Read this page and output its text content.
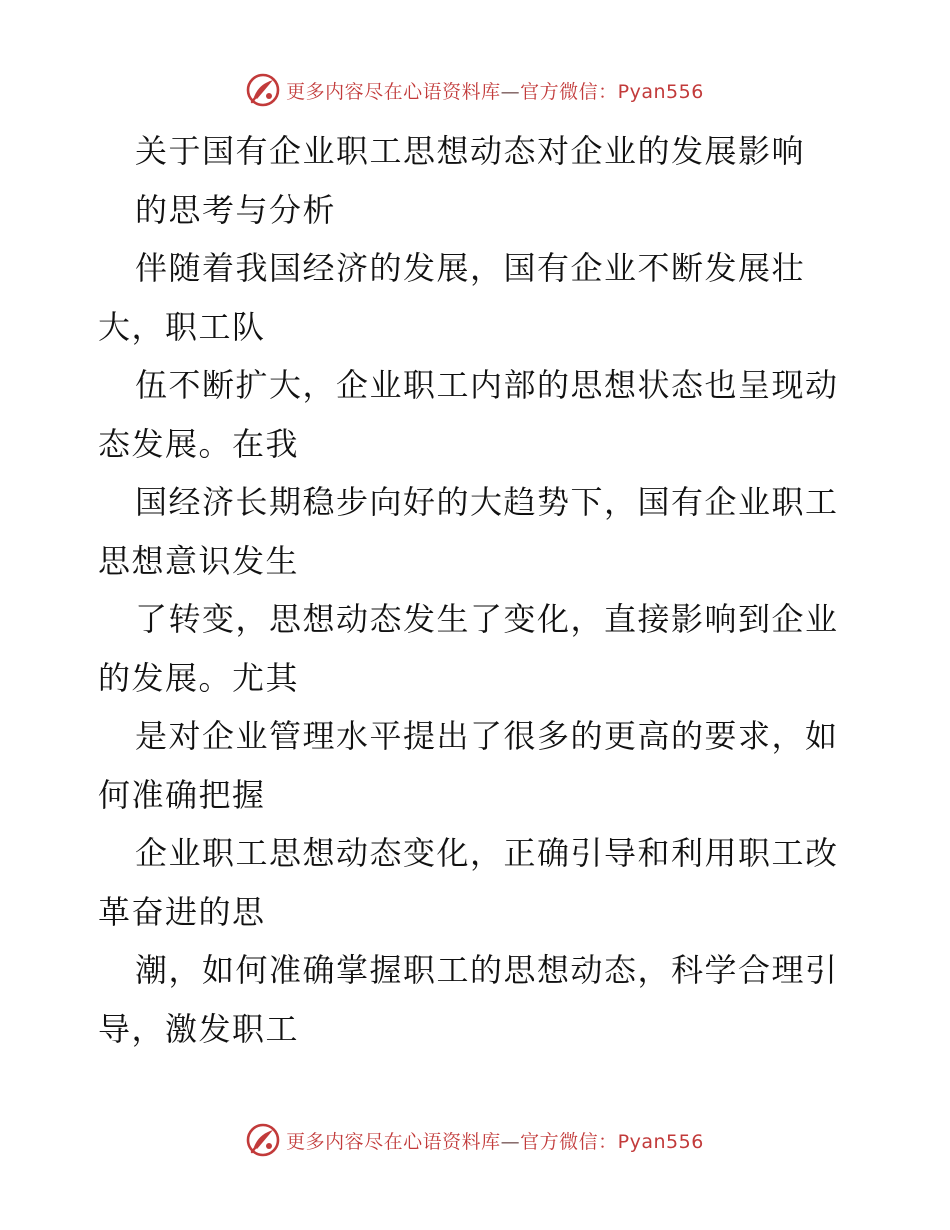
更多内容尽在心语资料库—官方微信：Pyan556
关于国有企业职工思想动态对企业的发展影响
的思考与分析
伴随着我国经济的发展，国有企业不断发展壮
大，职工队
伍不断扩大，企业职工内部的思想状态也呈现动
态发展。在我
国经济长期稳步向好的大趋势下，国有企业职工
思想意识发生
了转变，思想动态发生了变化，直接影响到企业
的发展。尤其
是对企业管理水平提出了很多的更高的要求，如
何准确把握
企业职工思想动态变化，正确引导和利用职工改
革奋进的思
潮，如何准确掌握职工的思想动态，科学合理引
导，激发职工
更多内容尽在心语资料库—官方微信：Pyan556
